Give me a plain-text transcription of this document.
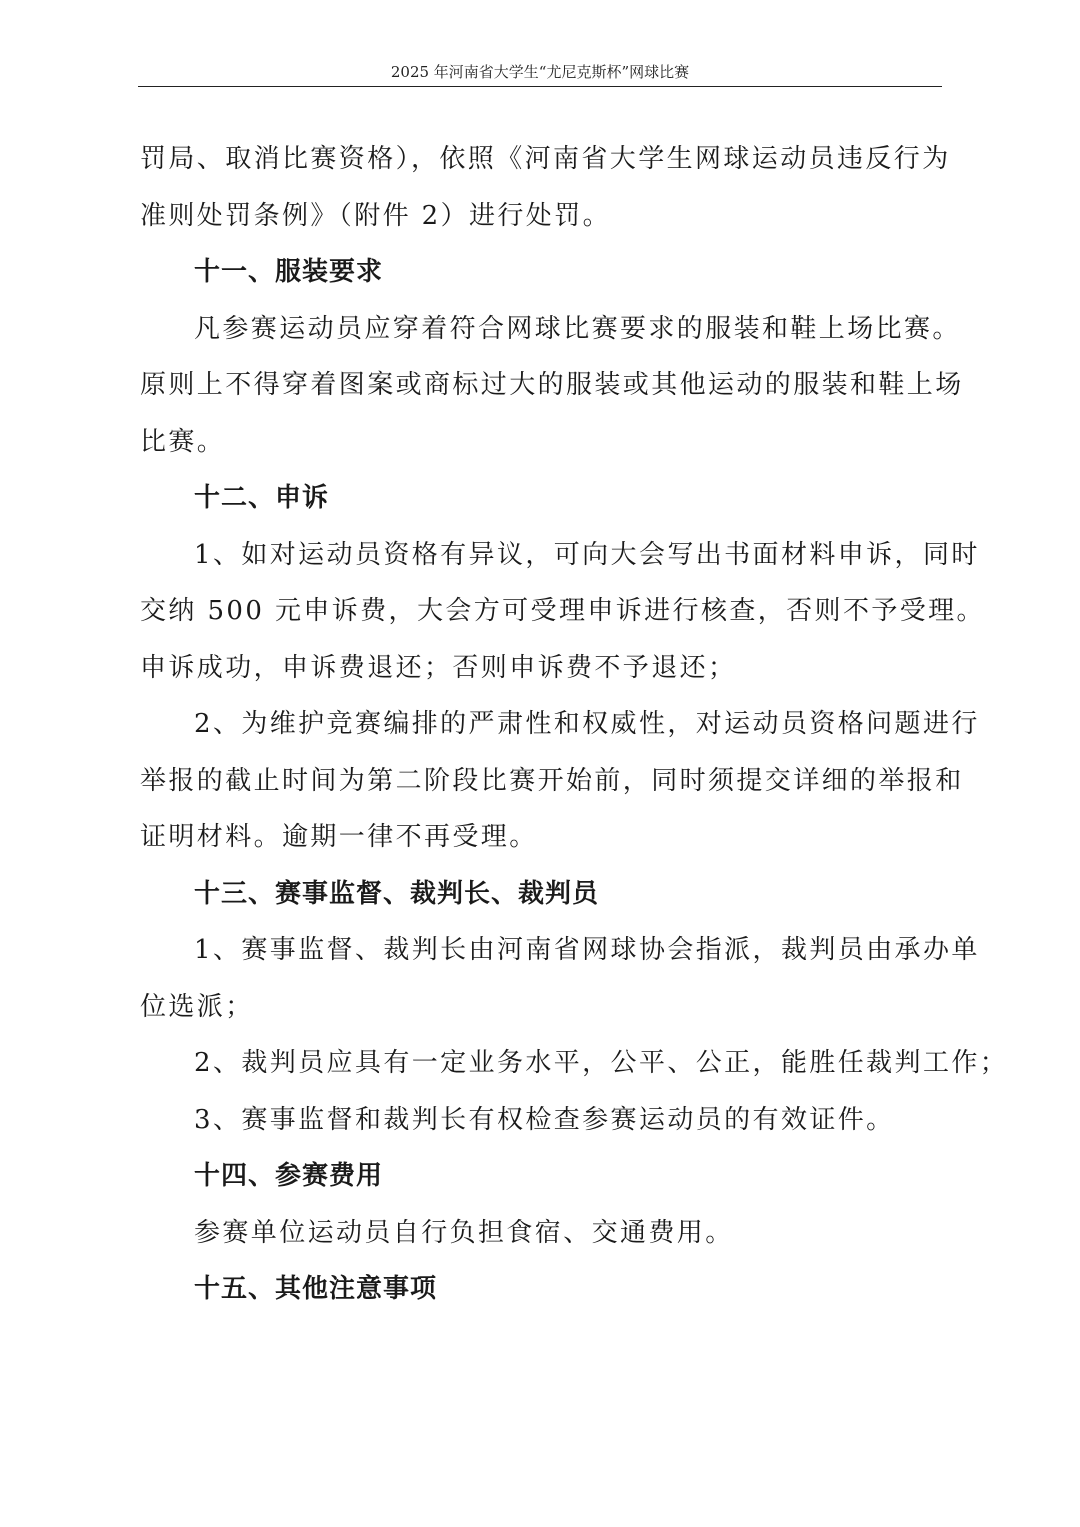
2025 年河南省大学生“尤尼克斯杯”网球比赛
罚局、取消比赛资格），依照《河南省大学生网球运动员违反行为
准则处罚条例》（附件 2）进行处罚。
十一、服装要求
凡参赛运动员应穿着符合网球比赛要求的服装和鞋上场比赛。
原则上不得穿着图案或商标过大的服装或其他运动的服装和鞋上场
比赛。
十二、申诉
1、如对运动员资格有异议，可向大会写出书面材料申诉，同时
交纳 500 元申诉费，大会方可受理申诉进行核查，否则不予受理。
申诉成功，申诉费退还；否则申诉费不予退还；
2、为维护竞赛编排的严肃性和权威性，对运动员资格问题进行
举报的截止时间为第二阶段比赛开始前，同时须提交详细的举报和
证明材料。逾期一律不再受理。
十三、赛事监督、裁判长、裁判员
1、赛事监督、裁判长由河南省网球协会指派，裁判员由承办单
位选派；
2、裁判员应具有一定业务水平，公平、公正，能胜任裁判工作；
3、赛事监督和裁判长有权检查参赛运动员的有效证件。
十四、参赛费用
参赛单位运动员自行负担食宿、交通费用。
十五、其他注意事项
